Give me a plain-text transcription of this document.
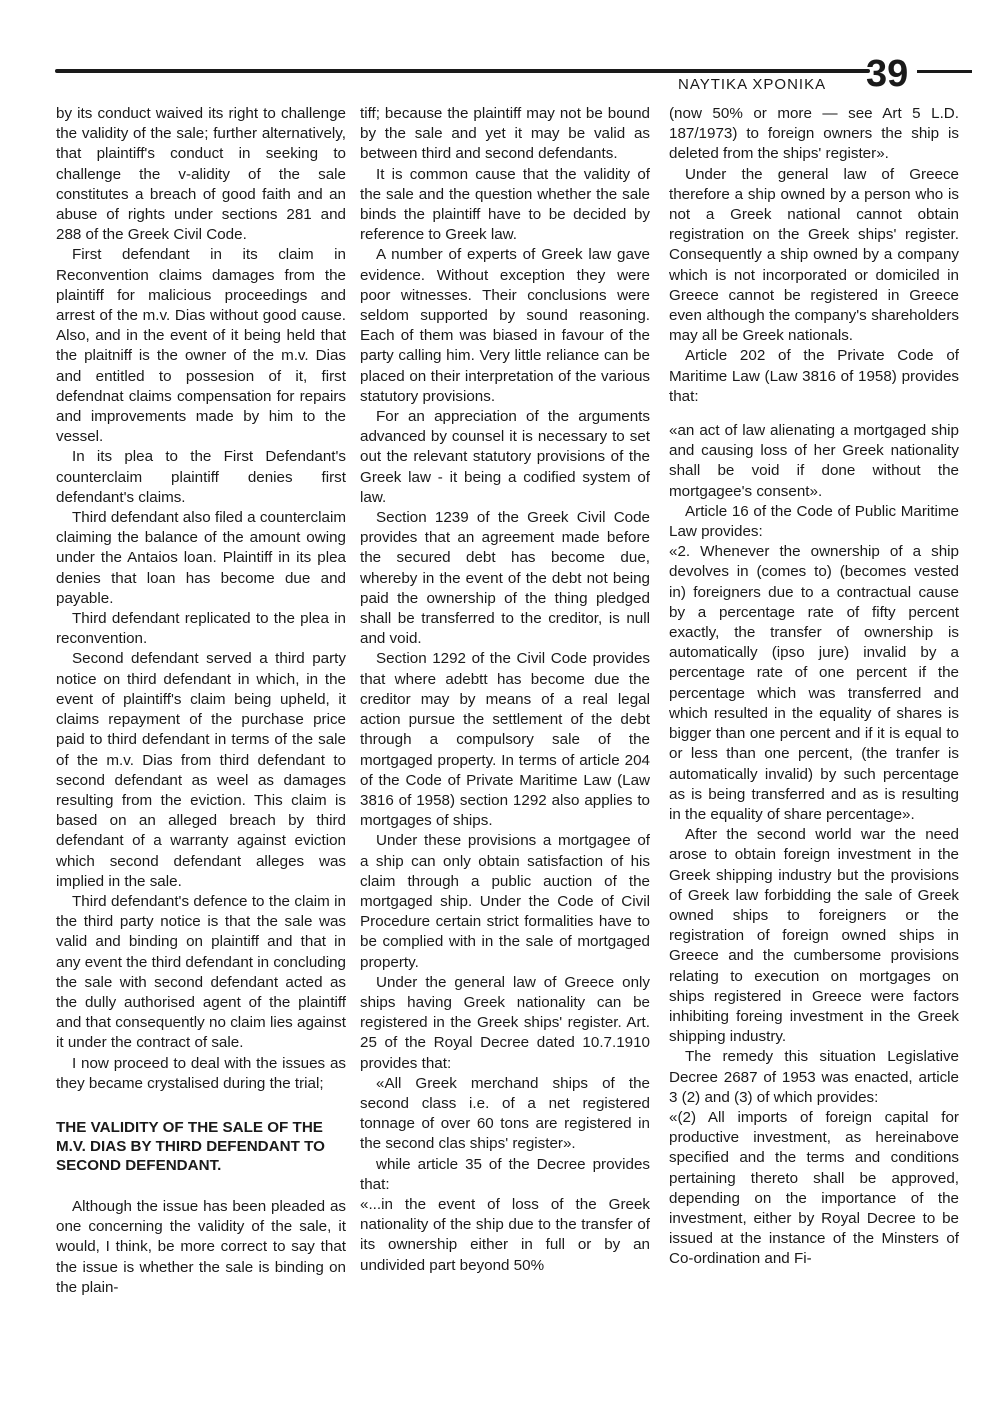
ΝΑΥΤΙΚΑ ΧΡΟΝΙΚΑ 39

by its conduct waived its right to challenge the validity of the sale; further alternatively, that plaintiff's conduct in seeking to challenge the v-alidity of the sale constitutes a breach of good faith and an abuse of rights under sections 281 and 288 of the Greek Civil Code.

First defendant in its claim in Reconvention claims damages from the plaintiff for malicious proceedings and arrest of the m.v. Dias without good cause. Also, and in the event of it being held that the plaitniff is the owner of the m.v. Dias and entitled to possesion of it, first defendnat claims compensation for repairs and improvements made by him to the vessel.

In its plea to the First Defendant's counterclaim plaintiff denies first defendant's claims.

Third defendant also filed a counterclaim claiming the balance of the amount owing under the Antaios loan. Plaintiff in its plea denies that loan has become due and payable.

Third defendant replicated to the plea in reconvention.

Second defendant served a third party notice on third defendant in which, in the event of plaintiff's claim being upheld, it claims repayment of the purchase price paid to third defendant in terms of the sale of the m.v. Dias from third defendant to second defendant as weel as damages resulting from the eviction. This claim is based on an alleged breach by third defendant of a warranty against eviction which second defendant alleges was implied in the sale.

Third defendant's defence to the claim in the third party notice is that the sale was valid and binding on plaintiff and that in any event the third defendant in concluding the sale with second defendant acted as the dully authorised agent of the plaintiff and that consequently no claim lies against it under the contract of sale.

I now proceed to deal with the issues as they became crystalised during the trial;

THE VALIDITY OF THE SALE OF THE M.V. DIAS BY THIRD DEFENDANT TO SECOND DEFENDANT.

Although the issue has been pleaded as one concerning the validity of the sale, it would, I think, be more correct to say that the issue is whether the sale is binding on the plain-

tiff; because the plaintiff may not be bound by the sale and yet it may be valid as between third and second defendants.

It is common cause that the validity of the sale and the question whether the sale binds the plaintiff have to be decided by reference to Greek law.

A number of experts of Greek law gave evidence. Without exception they were poor witnesses. Their conclusions were seldom supported by sound reasoning. Each of them was biased in favour of the party calling him. Very little reliance can be placed on their interpretation of the various statutory provisions.

For an appreciation of the arguments advanced by counsel it is necessary to set out the relevant statutory provisions of the Greek law - it being a codified system of law.

Section 1239 of the Greek Civil Code provides that an agreement made before the secured debt has become due, whereby in the event of the debt not being paid the ownership of the thing pledged shall be transferred to the creditor, is null and void.

Section 1292 of the Civil Code provides that where adebtt has become due the creditor may by means of a real legal action pursue the settlement of the debt through a compulsory sale of the mortgaged property. In terms of article 204 of the Code of Private Maritime Law (Law 3816 of 1958) section 1292 also applies to mortgages of ships.

Under these provisions a mortgagee of a ship can only obtain satisfaction of his claim through a public auction of the mortgaged ship. Under the Code of Civil Procedure certain strict formalities have to be complied with in the sale of mortgaged property.

Under the general law of Greece only ships having Greek nationality can be registered in the Greek ships' register. Art. 25 of the Royal Decree dated 10.7.1910 provides that:

«All Greek merchand ships of the second class i.e. of a net registered tonnage of over 60 tons are registered in the second clas ships' register».

while article 35 of the Decree provides that:

«...in the event of loss of the Greek nationality of the ship due to the transfer of its ownership either in full or by an undivided part beyond 50%

(now 50% or more — see Art 5 L.D. 187/1973) to foreign owners the ship is deleted from the ships' register».

Under the general law of Greece therefore a ship owned by a person who is not a Greek national cannot obtain registration on the Greek ships' register. Consequently a ship owned by a company which is not incorporated or domiciled in Greece cannot be registered in Greece even although the company's shareholders may all be Greek nationals.

Article 202 of the Private Code of Maritime Law (Law 3816 of 1958) provides that:

«an act of law alienating a mortgaged ship and causing loss of her Greek nationality shall be void if done without the mortgagee's consent».

Article 16 of the Code of Public Maritime Law provides:

«2. Whenever the ownership of a ship devolves in (comes to) (becomes vested in) foreigners due to a contractual cause by a percentage rate of fifty percent exactly, the transfer of ownership is automatically (ipso jure) invalid by a percentage rate of one percent if the percentage which was transferred and which resulted in the equality of shares is bigger than one percent and if it is equal to or less than one percent, (the tranfer is automatically invalid) by such percentage as is being transferred and as is resulting in the equality of share percentage».

After the second world war the need arose to obtain foreign investment in the Greek shipping industry but the provisions of Greek law forbidding the sale of Greek owned ships to foreigners or the registration of foreign owned ships in Greece and the cumbersome provisions relating to execution on mortgages on ships registered in Greece were factors inhibiting foreing investment in the Greek shipping industry.

The remedy this situation Legislative Decree 2687 of 1953 was enacted, article 3 (2) and (3) of which provides:

«(2) All imports of foreign capital for productive investment, as hereinabove specified and the terms and conditions pertaining thereto shall be approved, depending on the importance of the investment, either by Royal Decree to be issued at the instance of the Minsters of Co-ordination and Fi-
